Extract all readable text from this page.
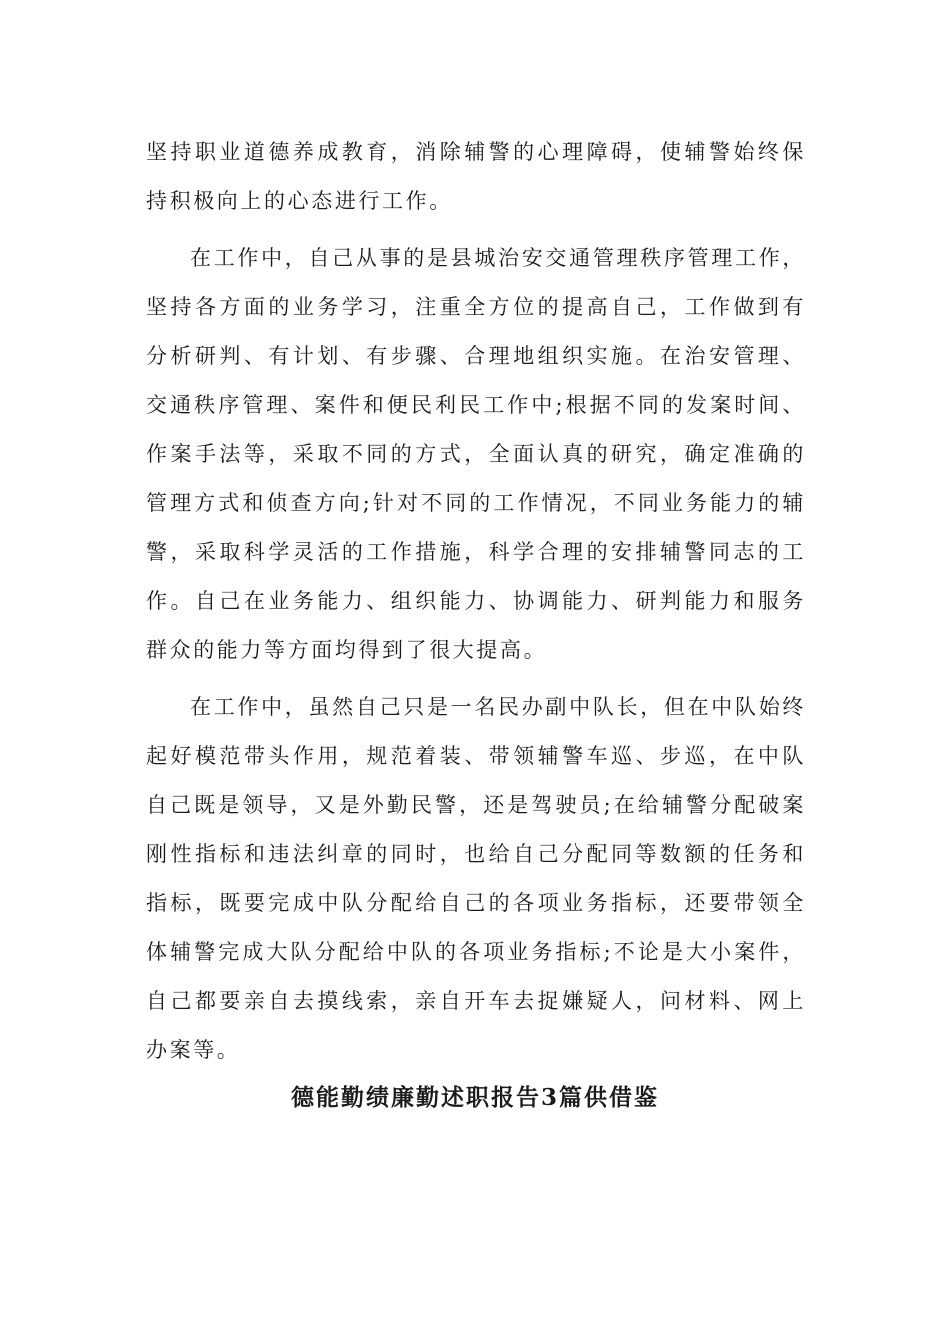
坚持职业道德养成教育，消除辅警的心理障碍，使辅警始终保持积极向上的心态进行工作。

在工作中，自己从事的是县城治安交通管理秩序管理工作，坚持各方面的业务学习，注重全方位的提高自己，工作做到有分析研判、有计划、有步骤、合理地组织实施。在治安管理、交通秩序管理、案件和便民利民工作中;根据不同的发案时间、作案手法等，采取不同的方式，全面认真的研究，确定准确的管理方式和侦查方向;针对不同的工作情况，不同业务能力的辅警，采取科学灵活的工作措施，科学合理的安排辅警同志的工作。自己在业务能力、组织能力、协调能力、研判能力和服务群众的能力等方面均得到了很大提高。

在工作中，虽然自己只是一名民办副中队长，但在中队始终起好模范带头作用，规范着装、带领辅警车巡、步巡，在中队自己既是领导，又是外勤民警，还是驾驶员;在给辅警分配破案刚性指标和违法纠章的同时，也给自己分配同等数额的任务和指标，既要完成中队分配给自己的各项业务指标，还要带领全体辅警完成大队分配给中队的各项业务指标;不论是大小案件，自己都要亲自去摸线索，亲自开车去捉嫌疑人，问材料、网上办案等。

德能勤绩廉勤述职报告3篇供借鉴
